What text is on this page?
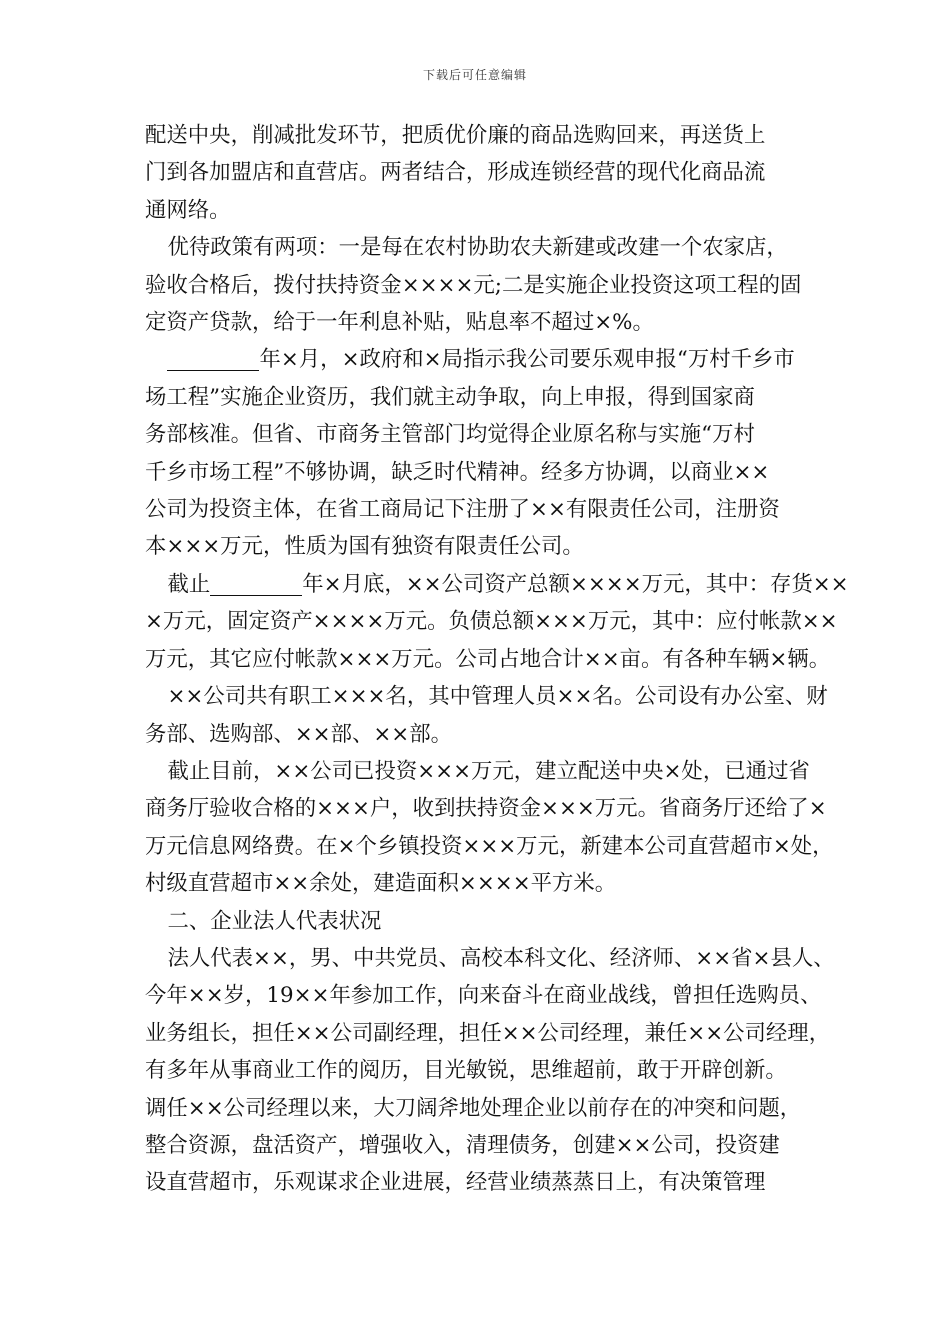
下载后可任意编辑

配送中央，削减批发环节，把质优价廉的商品选购回来，再送货上
门到各加盟店和直营店。两者结合，形成连锁经营的现代化商品流
通网络。

优待政策有两项：一是每在农村协助农夫新建或改建一个农家店，
验收合格后，拨付扶持资金××××元;二是实施企业投资这项工程的固
定资产贷款，给于一年利息补贴，贴息率不超过×%。

年×月，×政府和×局指示我公司要乐观申报“万村千乡市
场工程”实施企业资历，我们就主动争取，向上申报，得到国家商
务部核准。但省、市商务主管部门均觉得企业原名称与实施“万村
千乡市场工程”不够协调，缺乏时代精神。经多方协调，以商业××
公司为投资主体，在省工商局记下注册了××有限责任公司，注册资
本×××万元，性质为国有独资有限责任公司。

截止	年×月底，××公司资产总额××××万元，其中：存货××
×万元，固定资产××××万元。负债总额×××万元，其中：应付帐款××
万元，其它应付帐款×××万元。公司占地合计××亩。有各种车辆×辆。

××公司共有职工×××名，其中管理人员××名。公司设有办公室、财
务部、选购部、××部、××部。

截止目前，××公司已投资×××万元，建立配送中央×处，已通过省
商务厅验收合格的×××户，收到扶持资金×××万元。省商务厅还给了×
万元信息网络费。在×个乡镇投资×××万元，新建本公司直营超市×处，
村级直营超市××余处，建造面积××××平方米。

二、企业法人代表状况

法人代表××，男、中共党员、高校本科文化、经济师、××省×县人、
今年××岁，19××年参加工作，向来奋斗在商业战线，曾担任选购员、
业务组长，担任××公司副经理，担任××公司经理，兼任××公司经理，
有多年从事商业工作的阅历，目光敏锐，思维超前，敢于开辟创新。
调任××公司经理以来，大刀阔斧地处理企业以前存在的冲突和问题，
整合资源，盘活资产，增强收入，清理债务，创建××公司，投资建
设直营超市，乐观谋求企业进展，经营业绩蒸蒸日上，有决策管理
